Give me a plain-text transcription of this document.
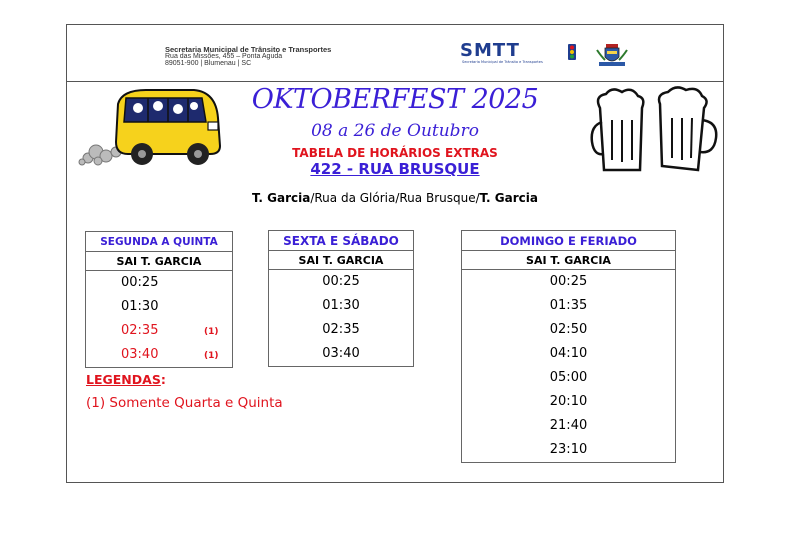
Secretaria Municipal de Trânsito e Transportes
Rua das Missões, 455 – Ponta Aguda
89051-900 | Blumenau | SC
SMTT
Secretaria Municipal de Trânsito e Transportes
OKTOBERFEST 2025
08 a 26 de Outubro
TABELA DE HORÁRIOS EXTRAS
422 - RUA BRUSQUE
T. Garcia/Rua da Glória/Rua Brusque/T. Garcia
SEGUNDA A QUINTA
SAI T. GARCIA
00:25
01:30
02:35	(1)
03:40	(1)
SEXTA E SÁBADO
SAI T. GARCIA
00:25
01:30
02:35
03:40
DOMINGO E FERIADO
SAI T. GARCIA
00:25
01:35
02:50
04:10
05:00
20:10
21:40
23:10
LEGENDAS:
(1) Somente Quarta e Quinta
